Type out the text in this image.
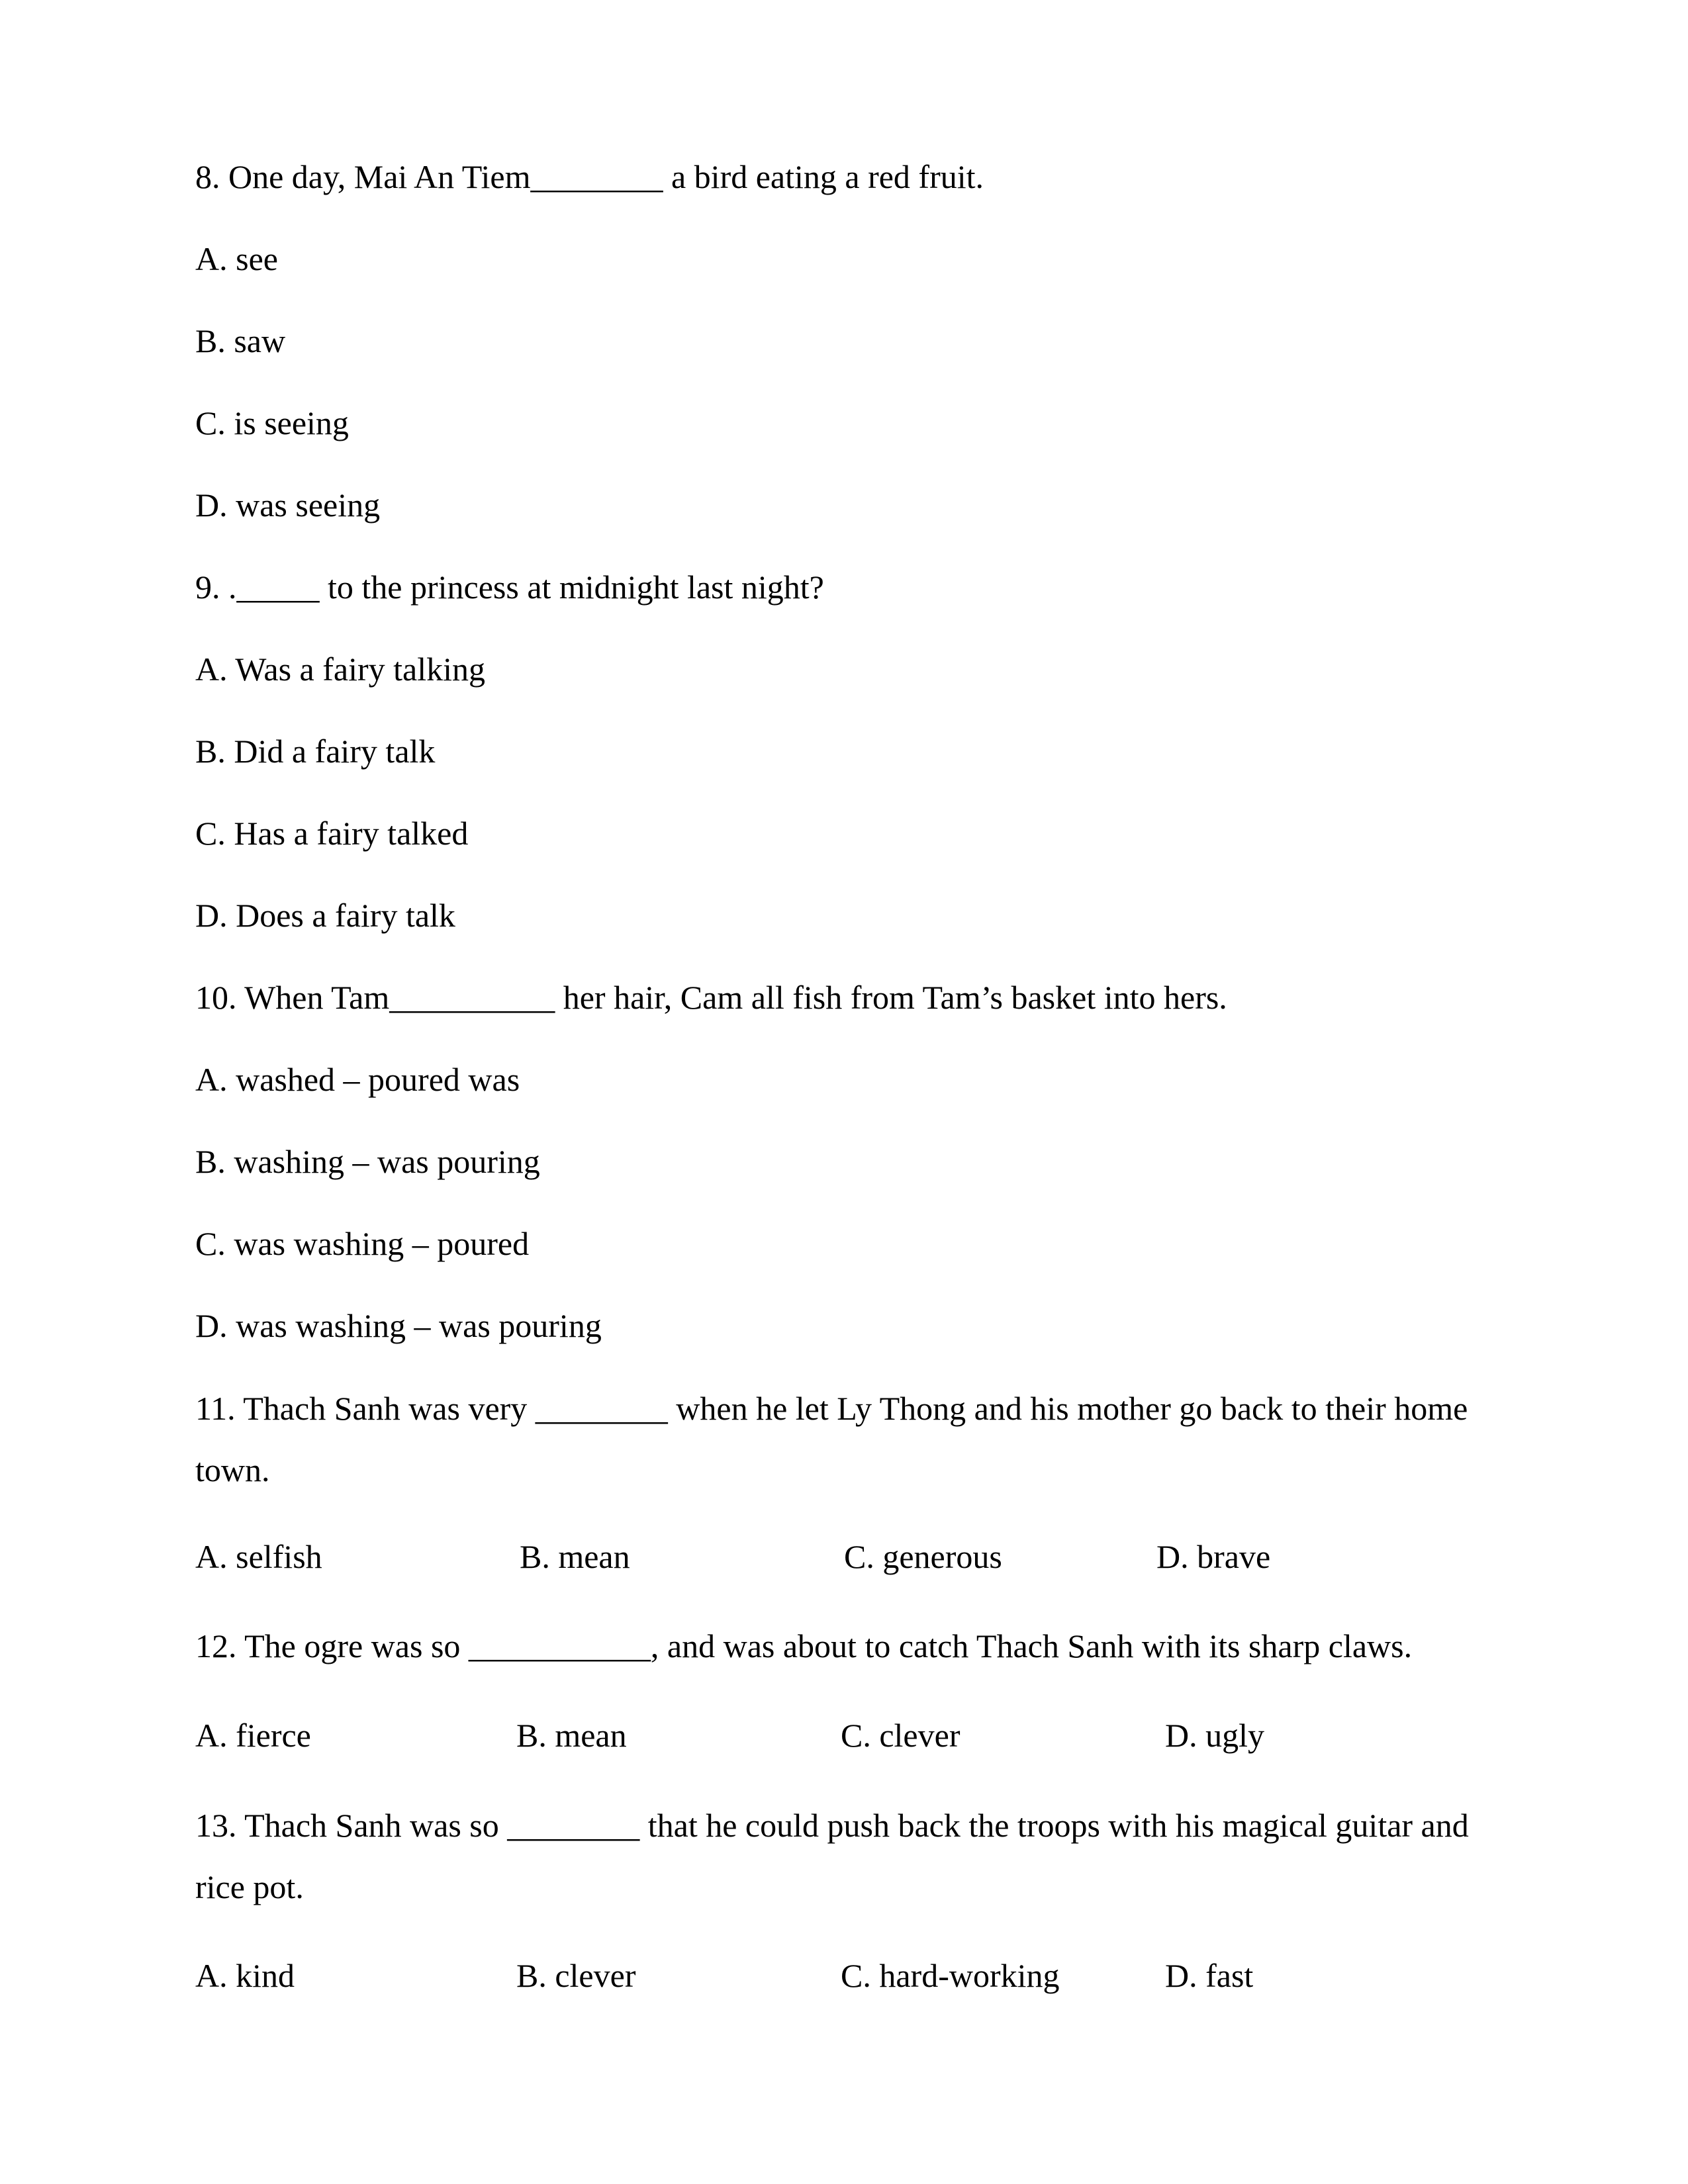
8. One day, Mai An Tiem________ a bird eating a red fruit.
A. see
B. saw
C. is seeing
D. was seeing
9. ._____ to the princess at midnight last night?
A. Was a fairy talking
B. Did a fairy talk
C. Has a fairy talked
D. Does a fairy talk
10. When Tam__________ her hair, Cam all fish from Tam’s basket into hers.
A. washed – poured was
B. washing – was pouring
C. was washing – poured
D. was washing – was pouring
11. Thach Sanh was very ________ when he let Ly Thong and his mother go back to their home town.
A. selfish	B. mean	C. generous	D. brave
12. The ogre was so ___________, and was about to catch Thach Sanh with its sharp claws.
A. fierce	B. mean	C. clever	D. ugly
13. Thach Sanh was so ________ that he could push back the troops with his magical guitar and rice pot.
A. kind	B. clever	C. hard-working	D. fast
